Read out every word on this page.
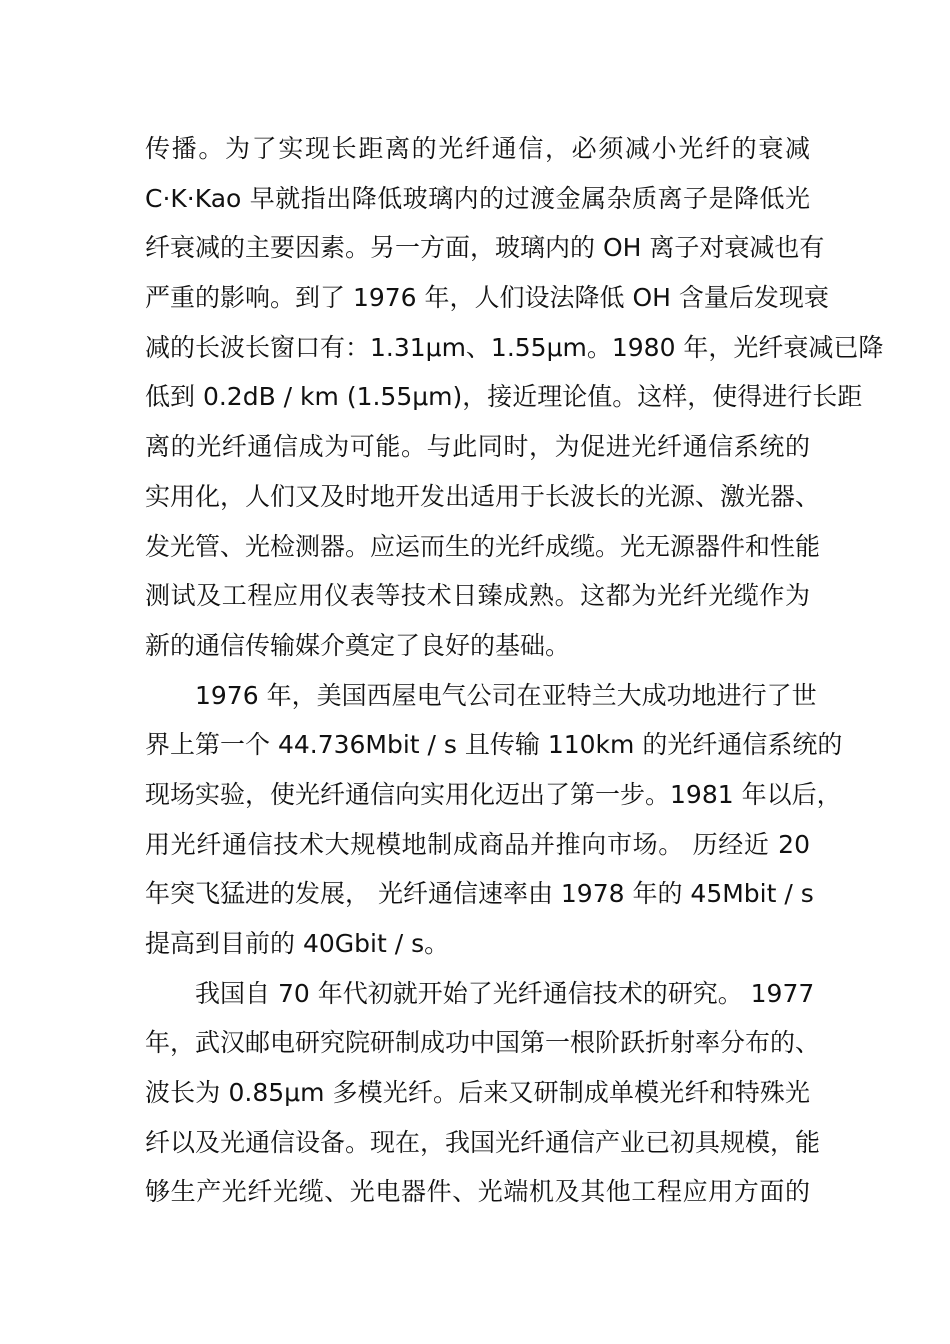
传播。为了实现长距离的光纤通信，必须减小光纤的衰减
C·K·Kao 早就指出降低玻璃内的过渡金属杂质离子是降低光
纤衰减的主要因素。另一方面，玻璃内的 OH 离子对衰减也有
严重的影响。到了 1976 年，人们设法降低 OH 含量后发现衰
减的长波长窗口有：1.31μm、1.55μm。1980 年，光纤衰减已降
低到 0.2dB / km (1.55μm)，接近理论值。这样，使得进行长距
离的光纤通信成为可能。与此同时，为促进光纤通信系统的
实用化，人们又及时地开发出适用于长波长的光源、激光器、
发光管、光检测器。应运而生的光纤成缆。光无源器件和性能
测试及工程应用仪表等技术日臻成熟。这都为光纤光缆作为
新的通信传输媒介奠定了良好的基础。
1976 年，美国西屋电气公司在亚特兰大成功地进行了世
界上第一个 44.736Mbit / s 且传输 110km 的光纤通信系统的
现场实验，使光纤通信向实用化迈出了第一步。1981 年以后，
用光纤通信技术大规模地制成商品并推向市场。 历经近 20
年突飞猛进的发展， 光纤通信速率由 1978 年的 45Mbit / s
提高到目前的 40Gbit / s。
我国自 70 年代初就开始了光纤通信技术的研究。 1977
年，武汉邮电研究院研制成功中国第一根阶跃折射率分布的、
波长为 0.85μm 多模光纤。后来又研制成单模光纤和特殊光
纤以及光通信设备。现在，我国光纤通信产业已初具规模，能
够生产光纤光缆、光电器件、光端机及其他工程应用方面的
